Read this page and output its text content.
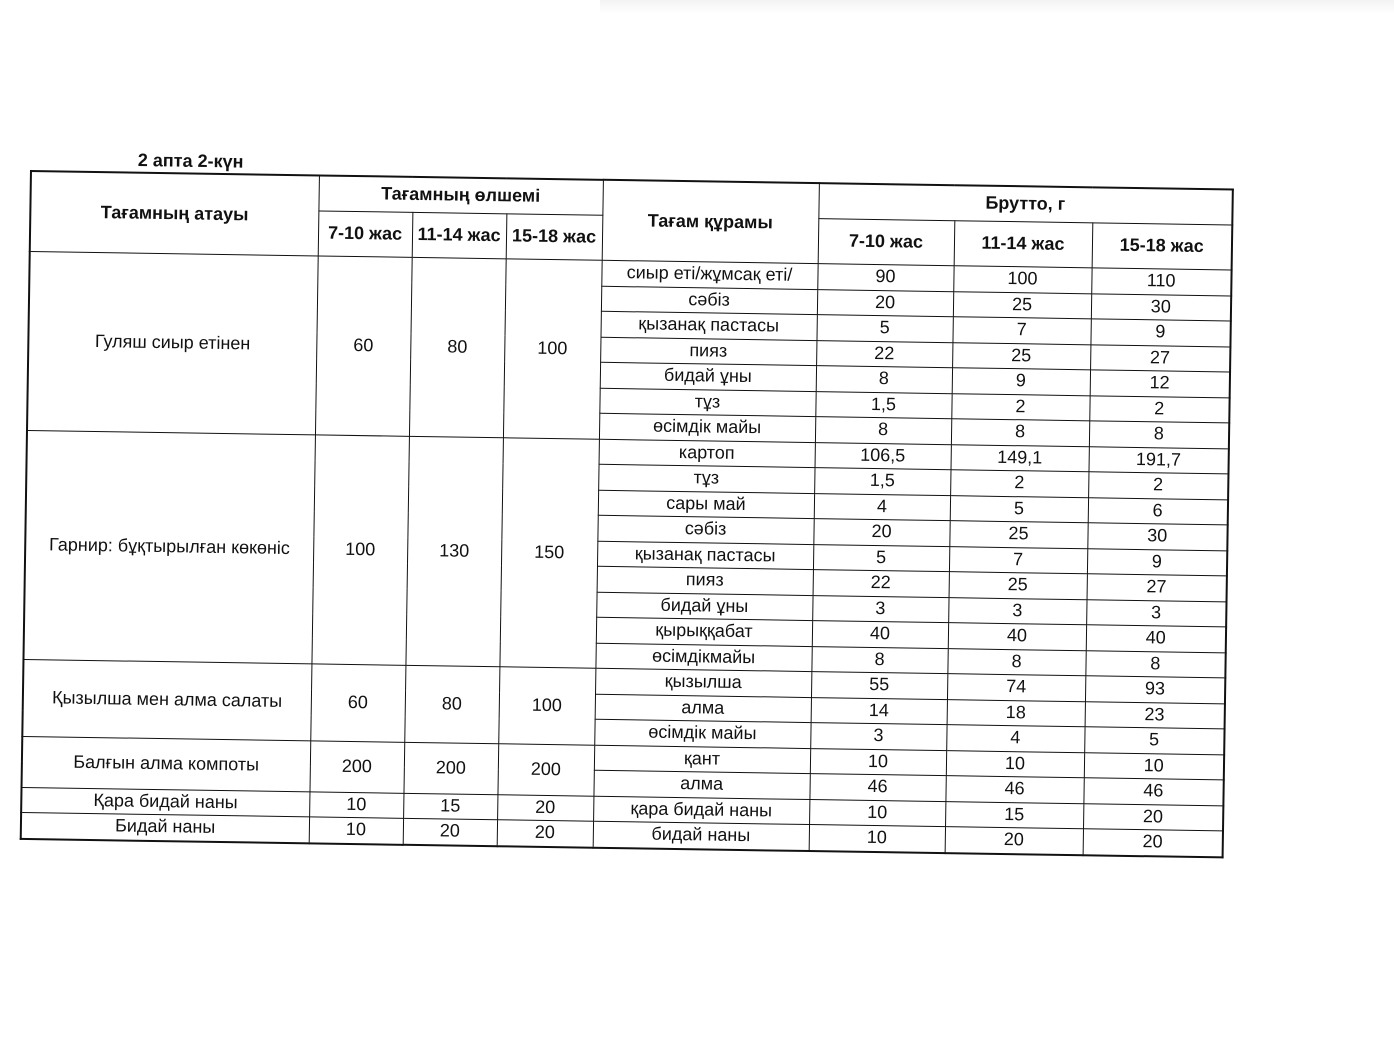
2 апта 2-күн
Тағамның атауы	Тағамның өлшемі			Тағам құрамы	Брутто, г		
	7-10 жас	11-14 жас	15-18 жас		7-10 жас	11-14 жас	15-18 жас
Гуляш сиыр етінен	60	80	100	сиыр еті/жұмсақ еті/	90	100	110
				сәбіз	20	25	30
				қызанақ пастасы	5	7	9
				пияз	22	25	27
				бидай ұны	8	9	12
				тұз	1,5	2	2
				өсімдік майы	8	8	8
Гарнир: бұқтырылған көкөніс	100	130	150	картоп	106,5	149,1	191,7
				тұз	1,5	2	2
				сары май	4	5	6
				сәбіз	20	25	30
				қызанақ пастасы	5	7	9
				пияз	22	25	27
				бидай ұны	3	3	3
				қырыққабат	40	40	40
				өсімдікмайы	8	8	8
Қызылша мен алма салаты	60	80	100	қызылша	55	74	93
				алма	14	18	23
				өсімдік майы	3	4	5
Балғын алма компоты	200	200	200	қант	10	10	10
				алма	46	46	46
Қара бидай наны	10	15	20	қара бидай наны	10	15	20
Бидай наны	10	20	20	бидай наны	10	20	20
